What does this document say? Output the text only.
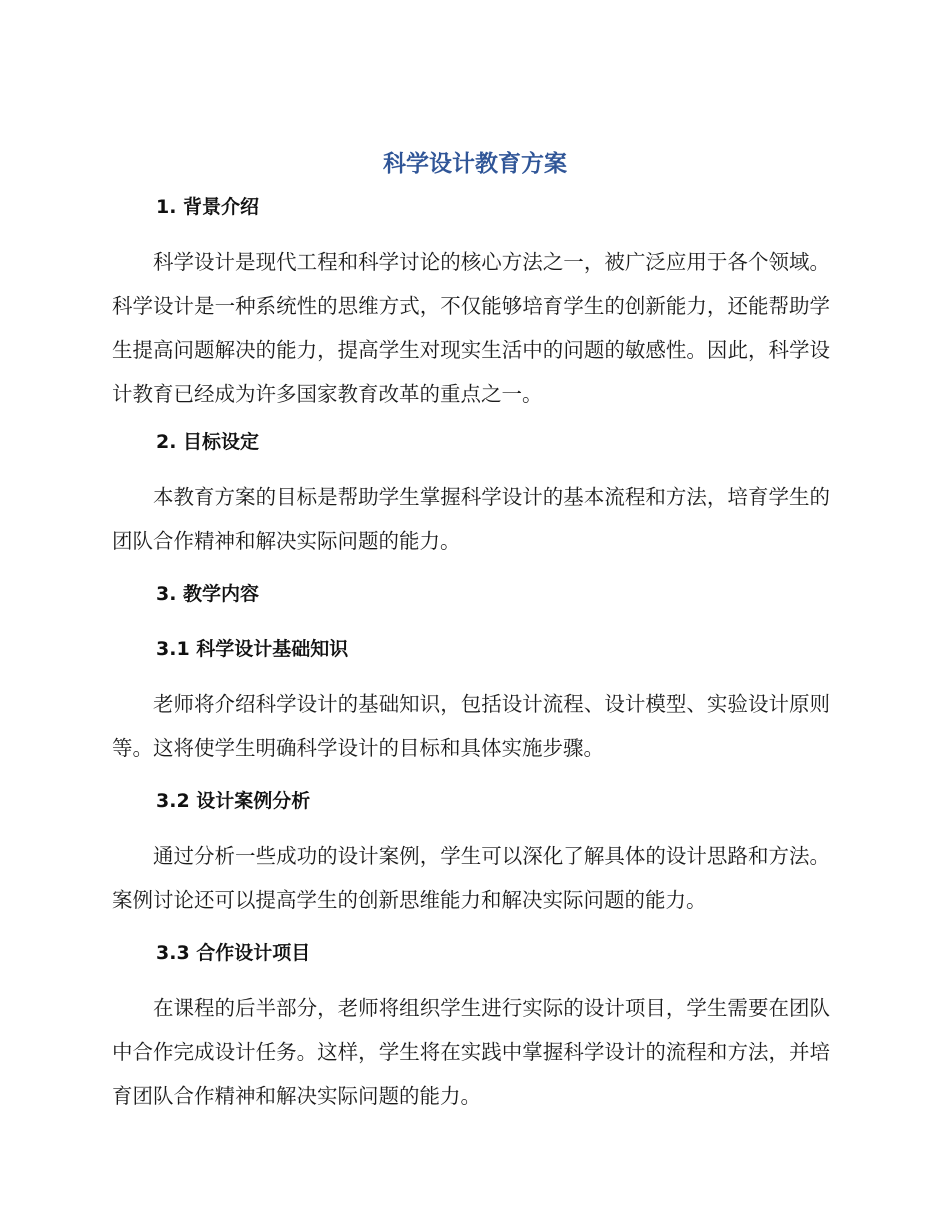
科学设计教育方案
1. 背景介绍

科学设计是现代工程和科学讨论的核心方法之一，被广泛应用于各个领域。科学设计是一种系统性的思维方式，不仅能够培育学生的创新能力，还能帮助学生提高问题解决的能力，提高学生对现实生活中的问题的敏感性。因此，科学设计教育已经成为许多国家教育改革的重点之一。

2. 目标设定

本教育方案的目标是帮助学生掌握科学设计的基本流程和方法，培育学生的团队合作精神和解决实际问题的能力。

3. 教学内容
3.1 科学设计基础知识

老师将介绍科学设计的基础知识，包括设计流程、设计模型、实验设计原则等。这将使学生明确科学设计的目标和具体实施步骤。

3.2 设计案例分析

通过分析一些成功的设计案例，学生可以深化了解具体的设计思路和方法。案例讨论还可以提高学生的创新思维能力和解决实际问题的能力。

3.3 合作设计项目

在课程的后半部分，老师将组织学生进行实际的设计项目，学生需要在团队中合作完成设计任务。这样，学生将在实践中掌握科学设计的流程和方法，并培育团队合作精神和解决实际问题的能力。
